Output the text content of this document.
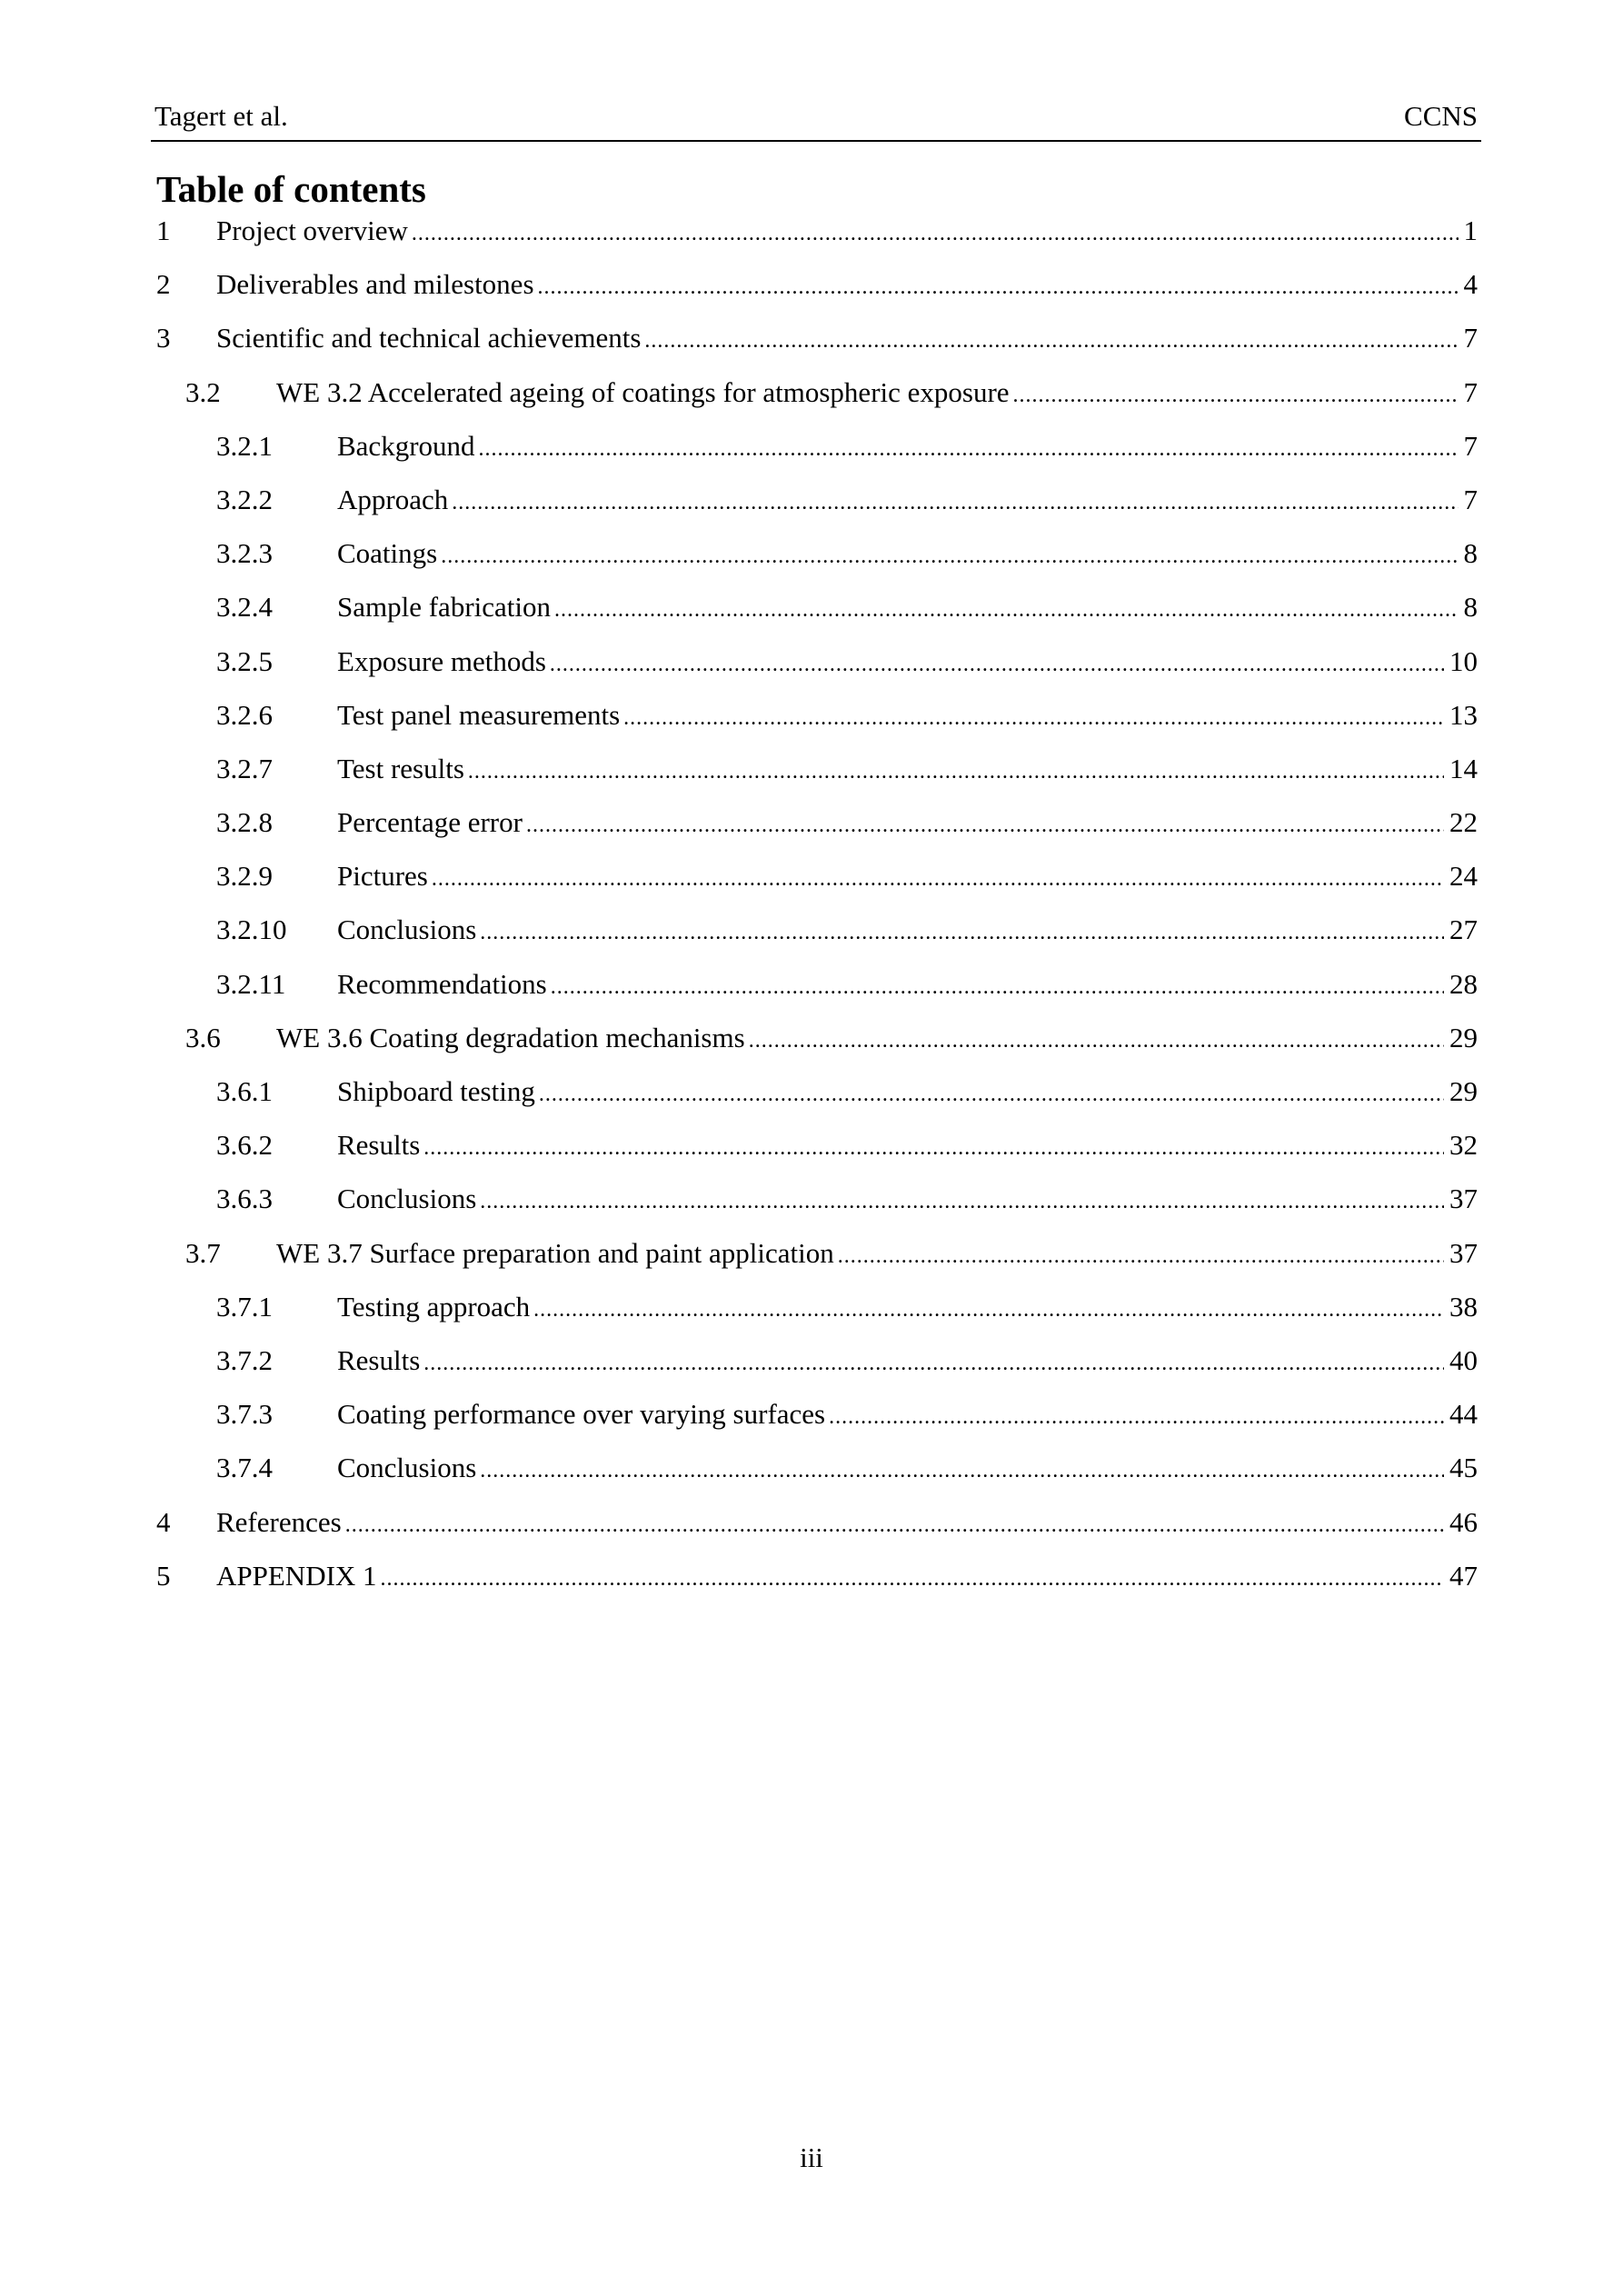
Tagert et al.	CCNS
Table of contents
1 Project overview .....	1
2 Deliverables and milestones .....	4
3 Scientific and technical achievements .....	7
3.2 WE 3.2 Accelerated ageing of coatings for atmospheric exposure .....	7
3.2.1 Background .....	7
3.2.2 Approach .....	7
3.2.3 Coatings .....	8
3.2.4 Sample fabrication .....	8
3.2.5 Exposure methods .....	10
3.2.6 Test panel measurements .....	13
3.2.7 Test results .....	14
3.2.8 Percentage error .....	22
3.2.9 Pictures .....	24
3.2.10 Conclusions .....	27
3.2.11 Recommendations .....	28
3.6 WE 3.6 Coating degradation mechanisms .....	29
3.6.1 Shipboard testing .....	29
3.6.2 Results .....	32
3.6.3 Conclusions .....	37
3.7 WE 3.7 Surface preparation and paint application .....	37
3.7.1 Testing approach .....	38
3.7.2 Results .....	40
3.7.3 Coating performance over varying surfaces .....	44
3.7.4 Conclusions .....	45
4 References .....	46
5 APPENDIX 1 .....	47
iii
